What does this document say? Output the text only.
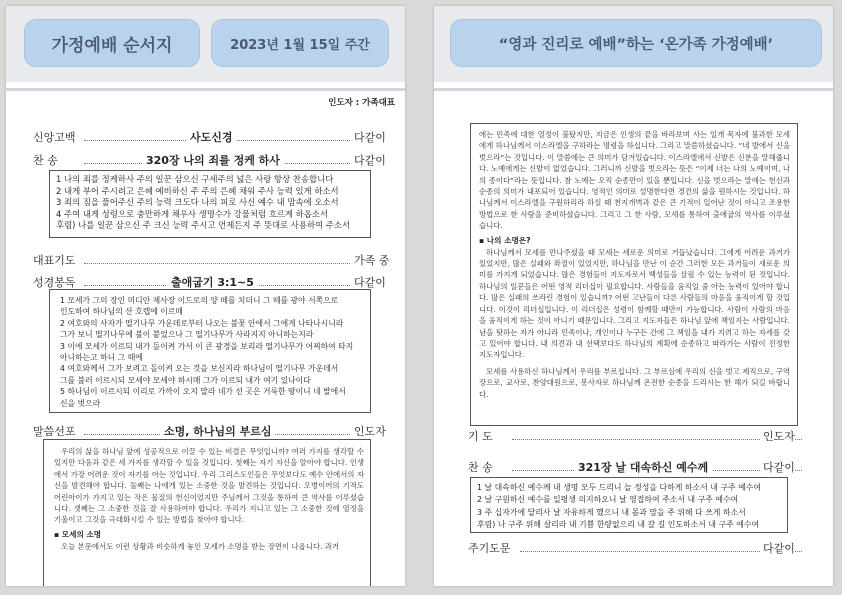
가정예배 순서지	2023년 1월 15일 주간
인도자 : 가족대표
신앙고백	사도신경	다같이
찬 송	320장 나의 죄를 정케 하사	다같이
1 나의 죄를 정케하사 주의 일꾼 삼으신 구세주의 넓은 사랑 항상 찬송합니다
2 내게 부어 주시려고 은혜 예비하신 주 주의 은혜 채워 주사 능력 있게 하소서
3 죄의 짐을 풀어주신 주의 능력 크도다 나의 피로 사신 예수 내 맘속에 오소서
4 주여 내게 성령으로 충만하게 채우사 생명수가 강물처럼 흐르게 하옵소서
후렴) 나를 일꾼 삼으신 주 크신 능력 주시고 언제든지 주 뜻대로 사용하여 주소서
대표기도	가족 중
성경봉독	출애굽기 3:1~5	다같이
1 모세가 그의 장인 미디안 제사장 이드로의 양 떼를 치더니 그 떼를 광야 서쪽으로
인도하여 하나님의 산 호렙에 이르매
2 여호와의 사자가 떨기나무 가운데로부터 나오는 불꽃 안에서 그에게 나타나시니라
그가 보니 떨기나무에 불이 붙었으나 그 떨기나무가 사라지지 아니하는지라
3 이에 모세가 이르되 내가 돌이켜 가서 이 큰 광경을 보리라 떨기나무가 어찌하여 타지
아니하는고 하니 그 때에
4 여호와께서 그가 보려고 돌이켜 오는 것을 보신지라 하나님이 떨기나무 가운데서
그를 불러 이르시되 모세야 모세야 하시매 그가 이르되 내가 여기 있나이다
5 하나님이 이르시되 이리로 가까이 오지 말라 네가 선 곳은 거룩한 땅이니 네 발에서
신을 벗으라
말씀선포	소명, 하나님의 부르심	인도자

우리의 삶을 하나님 앞에 성공적으로 이끌 수 있는 비결은 무엇입니까? 여러 가지를 생각할 수 있지만 다음과 같은 세 가지를 생각할 수 있을 것입니다. 첫째는 자기 자신을 알아야 합니다. 인생에서 가장 어려운 것이 자기를 아는 것입니다. 우리 그리스도인들은 무엇보다도 예수 안에서의 자신을 발견해야 합니다. 둘째는 나에게 있는 소중한 것을 발견하는 것입니다. 오병이어의 기적도 어린아이가 가지고 있는 작은 물질의 헌신이었지만 주님께서 그것을 통하여 큰 역사를 이루셨습니다. 셋째는 그 소중한 것을 잘 사용하여야 합니다. 우리가 지니고 있는 그 소중한 것에 열정을 기울이고 그것을 극대화시킬 수 있는 방법을 찾아야 합니다.

▪ 모세의 소명

오늘 본문에서도 이런 상황과 비슷하게 놓인 모세가 소명을 받는 장면이 나옵니다. 과거

“영과 진리로 예배”하는 ‘온가족 가정예배’

에는 민족에 대한 열정이 불탔지만, 지금은 인생의 끝을 바라보며 사는 일개 목자에 불과한 모세에게 하나님께서 이스라엘을 구하라는 명령을 하십니다. 그리고 말씀하셨습니다. “네 발에서 신을 벗으라”는 것입니다. 이 말씀에는 큰 의미가 담겨있습니다. 이스라엘에서 신발은 신분을 말해줍니다. 노예에게는 신발이 없었습니다. 그러니까 신발을 벗으라는 뜻은 “이제 너는 나의 노예이며, 나의 종이다”라는 뜻입니다. 참 노예는 오직 순종만이 있을 뿐입니다. 신을 벗으라는 말에는 헌신과 순종의 의미가 내포되어 있습니다. 영적인 의미로 설명한다면 경건의 삶을 원하시는 것입니다. 하나님께서 이스라엘을 구원하리라 하실 때 천지개벽과 같은 큰 기적이 일어난 것이 아니고 조용한 방법으로 한 사람을 준비하셨습니다. 그리고 그 한 사람, 모세를 통하여 출애굽의 역사를 이루셨습니다.

▪ 나의 소명은?

하나님께서 모세를 만나주셨을 때 모세는 세로운 의미로 거듭났습니다. 그에게 어려운 과거가 있었지만, 많은 실패와 좌절이 있었지만, 하나님을 만난 이 순간 그러한 모든 과거들이 새로운 의미를 가지게 되었습니다. 많은 경험들이 지도자로서 백성들을 살필 수 있는 능력이 된 것입니다. 하나님의 일꾼들은 어떤 영적 리더십이 필요합니다. 사람들을 움직일 줄 아는 능력이 있어야 합니다. 많은 실패의 쓰라린 경험이 있습니까? 어떤 고난들이 다른 사람들의 마음을 움직이게 할 것입니다. 이것이 리더십입니다. 이 리더십은 성령이 함께할 때만이 가능합니다. 사람이 사람의 마음을 움직이게 하는 것이 아니기 때문입니다. 그리고 지도자들은 하나님 앞에 책임지는 사람입니다. 남을 탓하는 자가 아니라 민족이나, 개인이나 누구든 간에 그 책임을 내가 지려고 하는 자세를 갖고 있어야 합니다. 내 의견과 내 선택보다도 하나님의 계획에 순종하고 따라가는 사람이 진정한 지도자입니다.

모세를 사용하신 하나님께서 우리를 부르십니다. 그 부르심에 우리의 신을 벗고 제직으로, 구역장으로, 교사로, 찬양대원으로, 봉사자로 하나님께 온전한 순종을 드리시는 한 해가 되길 바랍니다.

기 도	인도자
찬 송	321장 날 대속하신 예수께	다같이
1 날 대속하신 예수께 내 생명 모두 드리니 늘 정성을 다하게 하소서 내 구주 예수여
2 날 구원하신 예수를 일평생 의지하오니 날 영접하여 주소서 내 구주 예수여
3 주 십자가에 달리사 날 자유하게 했으니 내 몸과 맘을 주 위해 다 쓰게 하소서
후렴) 나 구주 위해 살리라 내 기쁨 한량없으리 내 갈 길 인도하소서 내 구주 예수여
주기도문	다같이
